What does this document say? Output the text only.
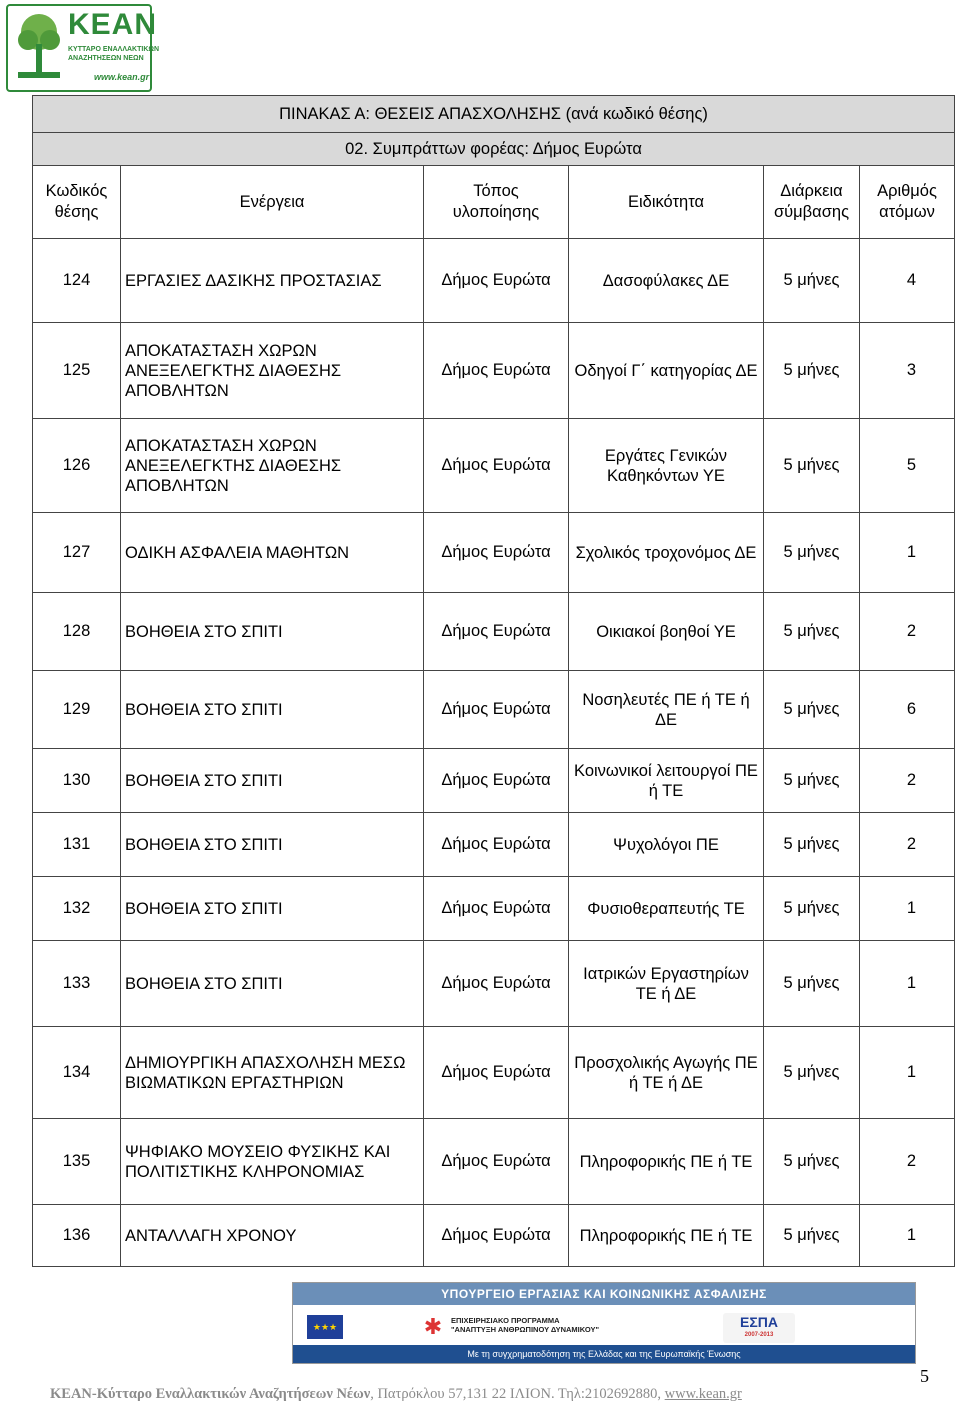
KEAN
ΚΥΤΤΑΡΟ ΕΝΑΛΛΑΚΤΙΚΩΝ
ΑΝΑΖΗΤΗΣΕΩΝ ΝΕΩΝ
www.kean.gr
ΠΙΝΑΚΑΣ Α: ΘΕΣΕΙΣ ΑΠΑΣΧΟΛΗΣΗΣ (ανά κωδικό θέσης)					
02. Συμπράττων φορέας: Δήμος Ευρώτα					
Κωδικός θέσης	Ενέργεια	Τόπος υλοποίησης	Ειδικότητα	Διάρκεια σύμβασης	Αριθμός ατόμων
124	ΕΡΓΑΣΙΕΣ ΔΑΣΙΚΗΣ ΠΡΟΣΤΑΣΙΑΣ	Δήμος Ευρώτα	Δασοφύλακες ΔΕ	5 μήνες	4
125	ΑΠΟΚΑΤΑΣΤΑΣΗ ΧΩΡΩΝ ΑΝΕΞΕΛΕΓΚΤΗΣ ΔΙΑΘΕΣΗΣ ΑΠΟΒΛΗΤΩΝ	Δήμος Ευρώτα	Οδηγοί Γ΄ κατηγορίας ΔΕ	5 μήνες	3
126	ΑΠΟΚΑΤΑΣΤΑΣΗ ΧΩΡΩΝ ΑΝΕΞΕΛΕΓΚΤΗΣ ΔΙΑΘΕΣΗΣ ΑΠΟΒΛΗΤΩΝ	Δήμος Ευρώτα	Εργάτες Γενικών Καθηκόντων ΥΕ	5 μήνες	5
127	ΟΔΙΚΗ ΑΣΦΑΛΕΙΑ ΜΑΘΗΤΩΝ	Δήμος Ευρώτα	Σχολικός τροχονόμος ΔΕ	5 μήνες	1
128	ΒΟΗΘΕΙΑ ΣΤΟ ΣΠΙΤΙ	Δήμος Ευρώτα	Οικιακοί βοηθοί ΥΕ	5 μήνες	2
129	ΒΟΗΘΕΙΑ ΣΤΟ ΣΠΙΤΙ	Δήμος Ευρώτα	Νοσηλευτές ΠΕ ή ΤΕ ή ΔΕ	5 μήνες	6
130	ΒΟΗΘΕΙΑ ΣΤΟ ΣΠΙΤΙ	Δήμος Ευρώτα	Κοινωνικοί λειτουργοί ΠΕ ή ΤΕ	5 μήνες	2
131	ΒΟΗΘΕΙΑ ΣΤΟ ΣΠΙΤΙ	Δήμος Ευρώτα	Ψυχολόγοι ΠΕ	5 μήνες	2
132	ΒΟΗΘΕΙΑ ΣΤΟ ΣΠΙΤΙ	Δήμος Ευρώτα	Φυσιοθεραπευτής ΤΕ	5 μήνες	1
133	ΒΟΗΘΕΙΑ ΣΤΟ ΣΠΙΤΙ	Δήμος Ευρώτα	Ιατρικών Εργαστηρίων ΤΕ ή ΔΕ	5 μήνες	1
134	ΔΗΜΙΟΥΡΓΙΚΗ ΑΠΑΣΧΟΛΗΣΗ ΜΕΣΩ ΒΙΩΜΑΤΙΚΩΝ ΕΡΓΑΣΤΗΡΙΩΝ	Δήμος Ευρώτα	Προσχολικής Αγωγής ΠΕ ή ΤΕ ή ΔΕ	5 μήνες	1
135	ΨΗΦΙΑΚΟ ΜΟΥΣΕΙΟ ΦΥΣΙΚΗΣ ΚΑΙ ΠΟΛΙΤΙΣΤΙΚΗΣ ΚΛΗΡΟΝΟΜΙΑΣ	Δήμος Ευρώτα	Πληροφορικής ΠΕ ή ΤΕ	5 μήνες	2
136	ΑΝΤΑΛΛΑΓΗ ΧΡΟΝΟΥ	Δήμος Ευρώτα	Πληροφορικής ΠΕ ή ΤΕ	5 μήνες	1
ΥΠΟΥΡΓΕΙΟ ΕΡΓΑΣΙΑΣ ΚΑΙ ΚΟΙΝΩΝΙΚΗΣ ΑΣΦΑΛΙΣΗΣ
★★★	✱	ΕΠΙΧΕΙΡΗΣΙΑΚΟ ΠΡΟΓΡΑΜΜΑ
"ΑΝΑΠΤΥΞΗ ΑΝΘΡΩΠΙΝΟΥ ΔΥΝΑΜΙΚΟΥ"	ΕΣΠΑ
2007-2013
Με τη συγχρηματοδότηση της Ελλάδας και της Ευρωπαϊκής Ένωσης
5
ΚΕΑΝ-Κύτταρο Εναλλακτικών Αναζητήσεων Νέων, Πατρόκλου 57,131 22 ΙΛΙΟΝ. Τηλ:2102692880, www.kean.gr
